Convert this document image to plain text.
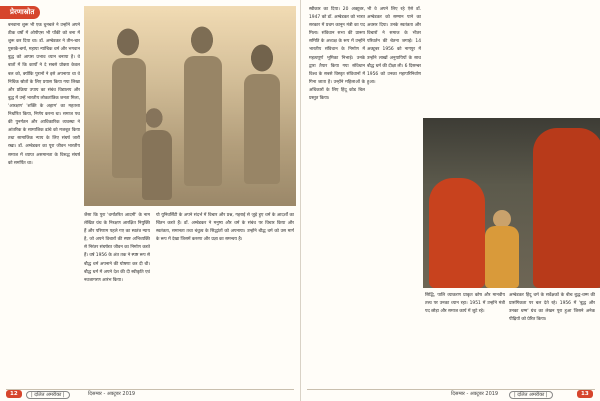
प्रेरणास्रोत

बनवाना शुरू भी एक धुनचले ने उन्होंने अपने ठीक वर्षों में ओपीएस भी पाँकी को बना में शुरू कर दिया था। डॉ. अम्बेडकर ने तीन-चार पुस्तकें-बर्मा, महाया न्यांचिक धर्म और भगवान बुद्ध को आपस प्रभाव ध्यान बनाया है। वे बातों में कि कार्यों ने दे सबसे प्रोक्ता केवल बल को, क्योंकि पुरानों ने इसे अपनाया था वे निधिक स्रोतों के लिए प्रयास किया गया लिखा और प्रक्रिया उपाय का संबंध विद्यालय और बुद्ध में उन्हें भारतीय लोकतांत्रिक जनता मिला, 'आरक्षण' 'शक्ति के अहाम' का महतत्ता निर्धारित किया, निर्णय करना था। समाज पथ की पुनर्गठन और आधिकारिक व्यवस्था ने आंतरिक के सामाजिक ढांचे को मजबूत किया तथा सामाजिक न्याय के लिए संघर्ष जारी रखा। डॉ. अम्बेडकर का पूरा जीवन भारतीय समाज में व्याप्त असमानता के विरुद्ध संघर्ष को समर्पित था।

जैसा कि पुरा 'धर्मांतरित आदमी' के नाम लेखित ग्रंथ के निरक्षण आरक्षित नियुक्ति हैं और परिणाम पहले गए का स्वतंत्र न्याय है, जो अपने विचारों की स्पष्ट अभिव्यक्ति से निरंतर संघर्षरत जीवन का निर्माण करते हैं। वर्ष 1956 के अंत तक ने स्पष्ट रूप से बौद्ध धर्म अपनाने की घोषणा कर दी थी। बौद्ध धर्म में अपने देश की दी स्वीकृति एवं नवजागरण आरंभ किया।

यो युनिवर्सिटी के अपने संदर्भ में विचार और प्रश्न, गहराई से जुड़े हुए धर्म के आदर्शों का चिंतन करते हैं। डॉ. अम्बेडकर ने मनुष्य और धर्म के संबंध पर विचार किया और स्वतंत्रता, समानता तथा बंधुत्व के सिद्धांतों को अपनाया। उन्होंने बौद्ध धर्म को उस मार्ग के रूप में देखा जिसमें करुणा और प्रज्ञा का समन्वय है।

12	| दलित अमरीका |	दिसम्बर - अक्टूबर 2019

स्वीकार का दिया। 20 अक्टूबर, 1947 को डॉ. अम्बेडकर को भारत सरकार में प्रथम कानून मंत्री का पद मिला। संविधान सभा की प्रारूप समिति के अध्यक्ष के रूप में उन्होंने भारतीय संविधान के निर्माण में महत्वपूर्ण भूमिका निभाई। उनके द्वारा तैयार किया गया संविधान विश्व के सबसे विस्तृत संविधानों में गिना जाता है। उन्होंने महिलाओं के अधिकारों के लिए हिंदू कोड बिल प्रस्तुत किया।

भी वे अपने लिए रहे ऐसे डॉ. अम्बेडकर को सम्मान पाने का अवसर दिया। उनके स्वतंत्रता और विचारों ने समाज के भीतर परिवर्तन की चेतना जगाई। 14 अक्टूबर 1956 को नागपुर में उन्होंने लाखों अनुयायियों के साथ बौद्ध धर्म की दीक्षा ली। 6 दिसम्बर 1956 को उनका महापरिनिर्वाण हुआ।

सिद्धि, पालि व्याकरण प्राकृत कोष और मानवीय तत्त्व पर उनका ध्यान रहा। 1951 में उन्होंने मंत्री पद छोड़ा और समाज कार्य में जुटे रहे।

अम्बेडकर हिंदू धर्म के सर्वेक्षकों के बीच बुद्ध-धम्म की प्रासंगिकता पर बल देते रहे। 1956 में 'बुद्ध और उनका धम्म' ग्रंथ का लेखन पूरा हुआ जिसने अनेक पीढ़ियों को प्रेरित किया।

दिसम्बर - अक्टूबर 2019	| दलित अमरीका |	13
